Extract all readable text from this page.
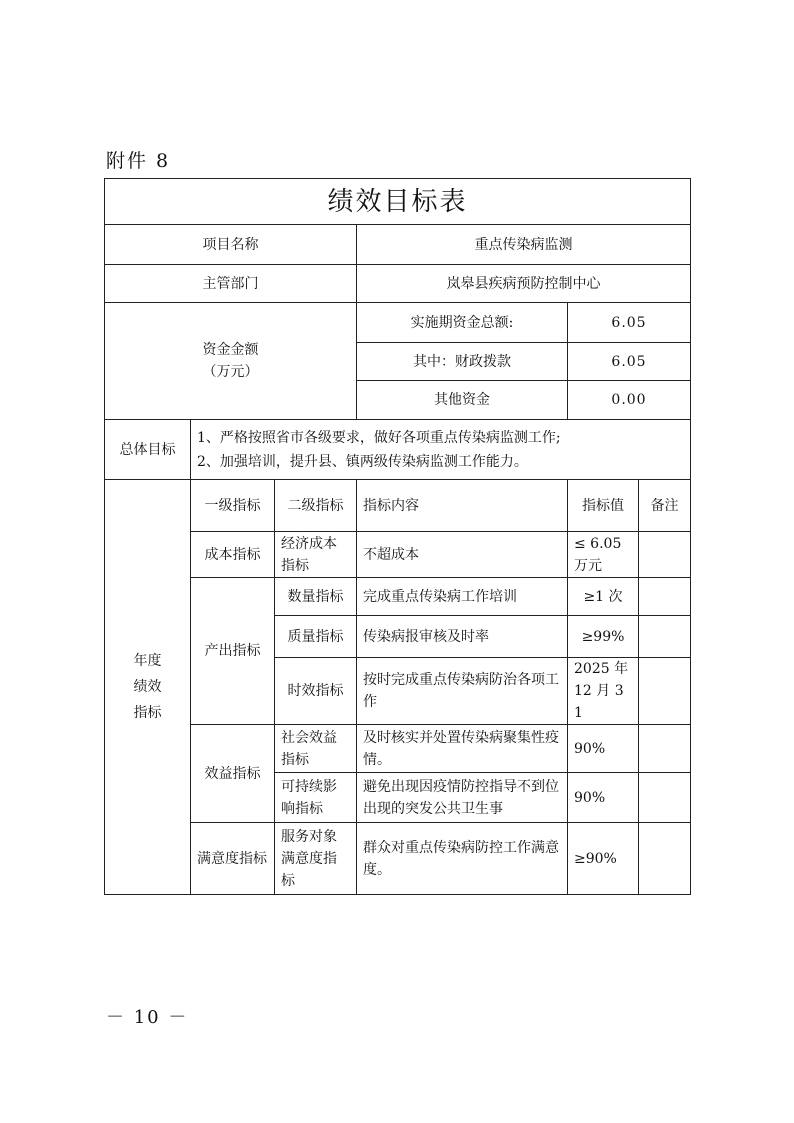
附件 8
绩效目标表					
项目名称			重点传染病监测		
主管部门			岚皋县疾病预防控制中心		

资金金额
（万元）			实施期资金总额:	6.05	
			其中：财政拨款	6.05	
			其他资金	0.00	
总体目标	1、严格按照省市各级要求，做好各项重点传染病监测工作;
2、加强培训，提升县、镇两级传染病监测工作能力。				

年度绩效指标	一级指标	二级指标	指标内容	指标值	备注
	成本指标	经济成本指标	不超成本	≤ 6.05 万元	
	产出指标	数量指标	完成重点传染病工作培训	≥1 次	
		质量指标	传染病报审核及时率	≥99%	
		时效指标	按时完成重点传染病防治各项工作	2025 年 12 月 31	
	效益指标	社会效益指标	及时核实并处置传染病聚集性疫情。	90%	
		可持续影响指标	避免出现因疫情防控指导不到位出现的突发公共卫生事	90%	
	满意度指标	服务对象满意度指标	群众对重点传染病防控工作满意度。	≥90%	
－ 10 －
